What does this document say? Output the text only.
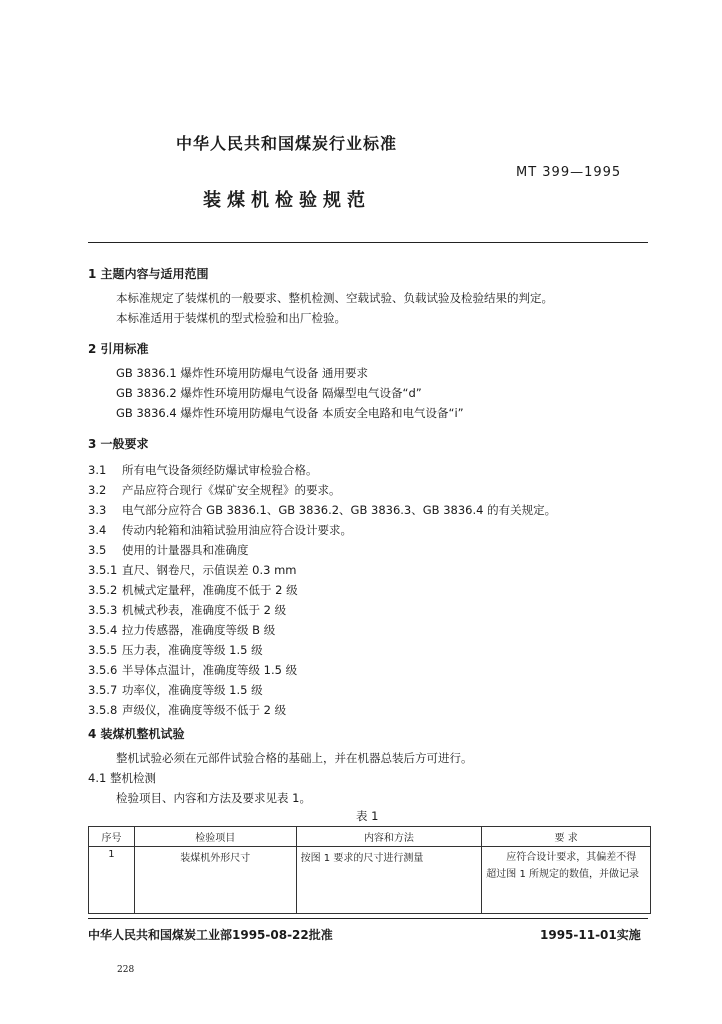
中华人民共和国煤炭行业标准
MT 399—1995
装煤机检验规范
1 主题内容与适用范围
本标准规定了装煤机的一般要求、整机检测、空载试验、负载试验及检验结果的判定。
本标准适用于装煤机的型式检验和出厂检验。
2 引用标准
GB 3836.1 爆炸性环境用防爆电气设备 通用要求
GB 3836.2 爆炸性环境用防爆电气设备 隔爆型电气设备“d”
GB 3836.4 爆炸性环境用防爆电气设备 本质安全电路和电气设备“i”
3 一般要求
3.1 所有电气设备须经防爆试审检验合格。
3.2 产品应符合现行《煤矿安全规程》的要求。
3.3 电气部分应符合 GB 3836.1、GB 3836.2、GB 3836.3、GB 3836.4 的有关规定。
3.4 传动内轮箱和油箱试验用油应符合设计要求。
3.5 使用的计量器具和准确度
3.5.1 直尺、钢卷尺，示值误差 0.3 mm
3.5.2 机械式定量秤，准确度不低于 2 级
3.5.3 机械式秒表，准确度不低于 2 级
3.5.4 拉力传感器，准确度等级 B 级
3.5.5 压力表，准确度等级 1.5 级
3.5.6 半导体点温计，准确度等级 1.5 级
3.5.7 功率仪，准确度等级 1.5 级
3.5.8 声级仪，准确度等级不低于 2 级
4 装煤机整机试验
整机试验必须在元部件试验合格的基础上，并在机器总装后方可进行。
4.1 整机检测
检验项目、内容和方法及要求见表 1。
表 1
序号	检验项目	内容和方法	要 求
1	装煤机外形尺寸	按图 1 要求的尺寸进行测量	应符合设计要求，其偏差不得超过图 1 所规定的数值，并做记录
中华人民共和国煤炭工业部1995-08-22批准	1995-11-01实施
228
